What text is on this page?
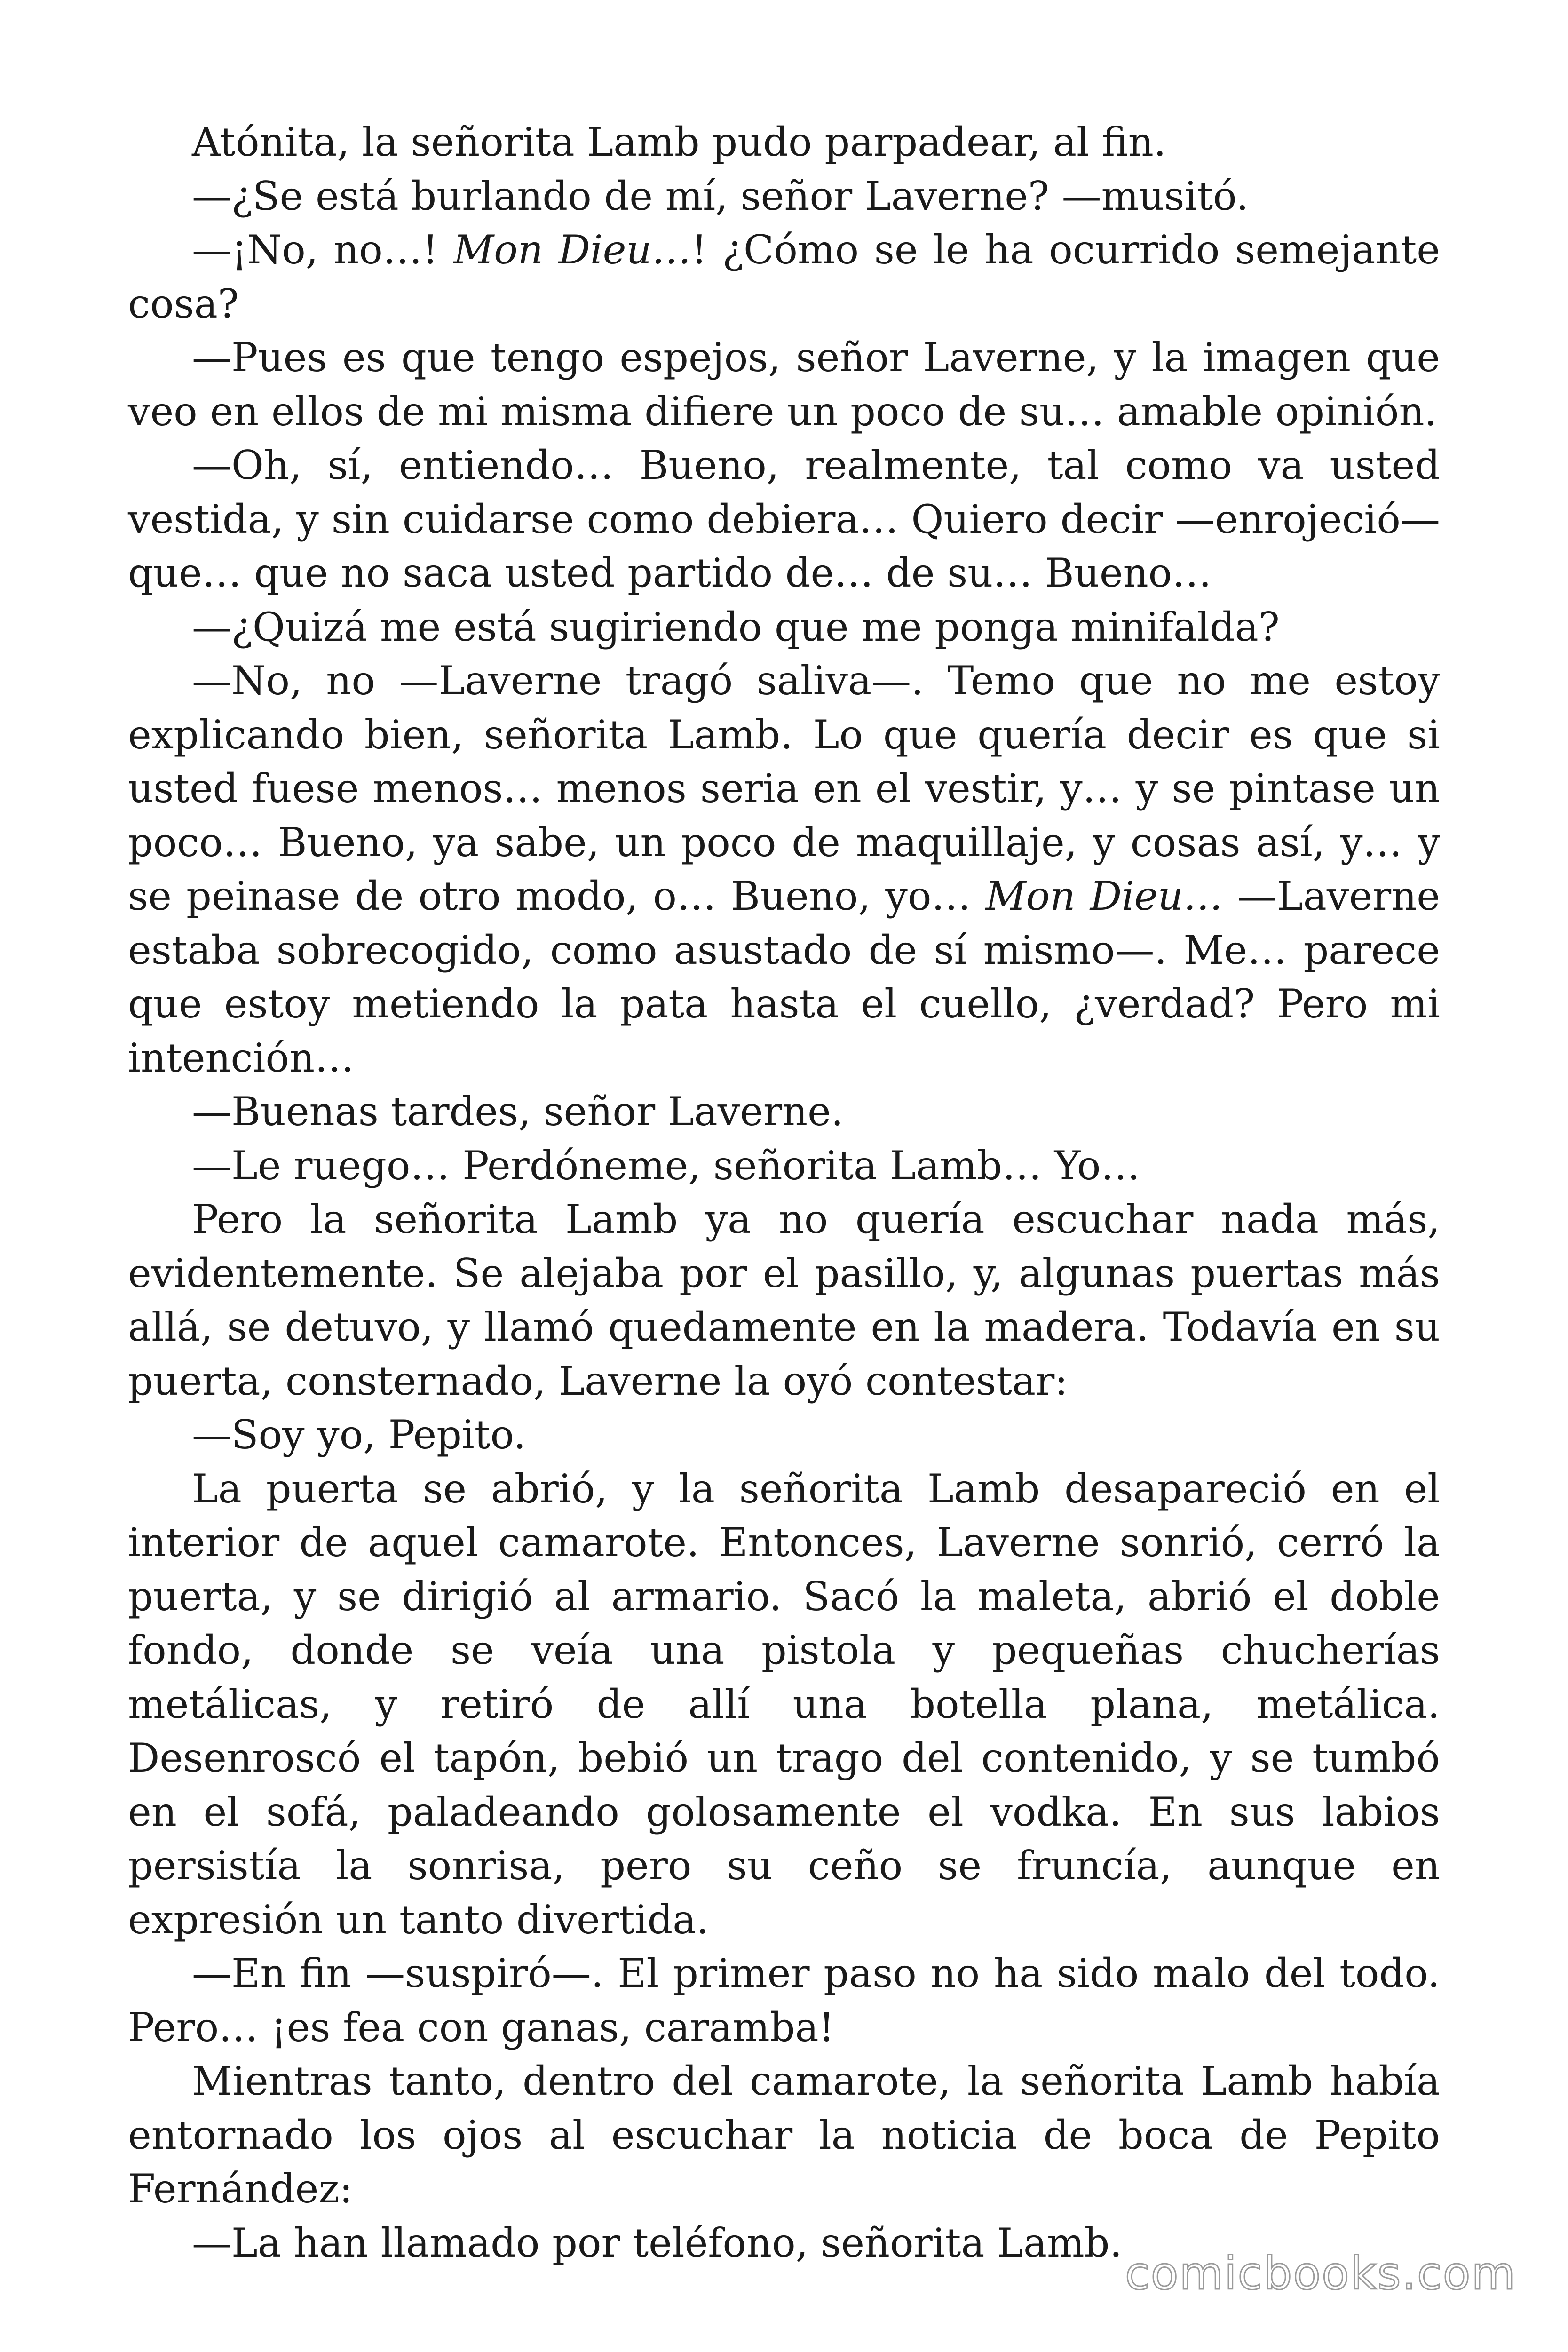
Atónita, la señorita Lamb pudo parpadear, al fin.

—¿Se está burlando de mí, señor Laverne? —musitó.

—¡No, no…! Mon Dieu…! ¿Cómo se le ha ocurrido semejante cosa?

—Pues es que tengo espejos, señor Laverne, y la imagen que veo en ellos de mi misma difiere un poco de su… amable opinión.

—Oh, sí, entiendo… Bueno, realmente, tal como va usted vestida, y sin cuidarse como debiera… Quiero decir —enrojeció— que… que no saca usted partido de… de su… Bueno…

—¿Quizá me está sugiriendo que me ponga minifalda?

—No, no —Laverne tragó saliva—. Temo que no me estoy explicando bien, señorita Lamb. Lo que quería decir es que si usted fuese menos… menos seria en el vestir, y… y se pintase un poco… Bueno, ya sabe, un poco de maquillaje, y cosas así, y… y se peinase de otro modo, o… Bueno, yo… Mon Dieu… —Laverne estaba sobrecogido, como asustado de sí mismo—. Me… parece que estoy metiendo la pata hasta el cuello, ¿verdad? Pero mi intención…

—Buenas tardes, señor Laverne.

—Le ruego… Perdóneme, señorita Lamb… Yo…

Pero la señorita Lamb ya no quería escuchar nada más, evidentemente. Se alejaba por el pasillo, y, algunas puertas más allá, se detuvo, y llamó quedamente en la madera. Todavía en su puerta, consternado, Laverne la oyó contestar:

—Soy yo, Pepito.

La puerta se abrió, y la señorita Lamb desapareció en el interior de aquel camarote. Entonces, Laverne sonrió, cerró la puerta, y se dirigió al armario. Sacó la maleta, abrió el doble fondo, donde se veía una pistola y pequeñas chucherías metálicas, y retiró de allí una botella plana, metálica. Desenroscó el tapón, bebió un trago del contenido, y se tumbó en el sofá, paladeando golosamente el vodka. En sus labios persistía la sonrisa, pero su ceño se fruncía, aunque en expresión un tanto divertida.

—En fin —suspiró—. El primer paso no ha sido malo del todo. Pero… ¡es fea con ganas, caramba!

Mientras tanto, dentro del camarote, la señorita Lamb había entornado los ojos al escuchar la noticia de boca de Pepito Fernández:

—La han llamado por teléfono, señorita Lamb.

comicbooks.com
